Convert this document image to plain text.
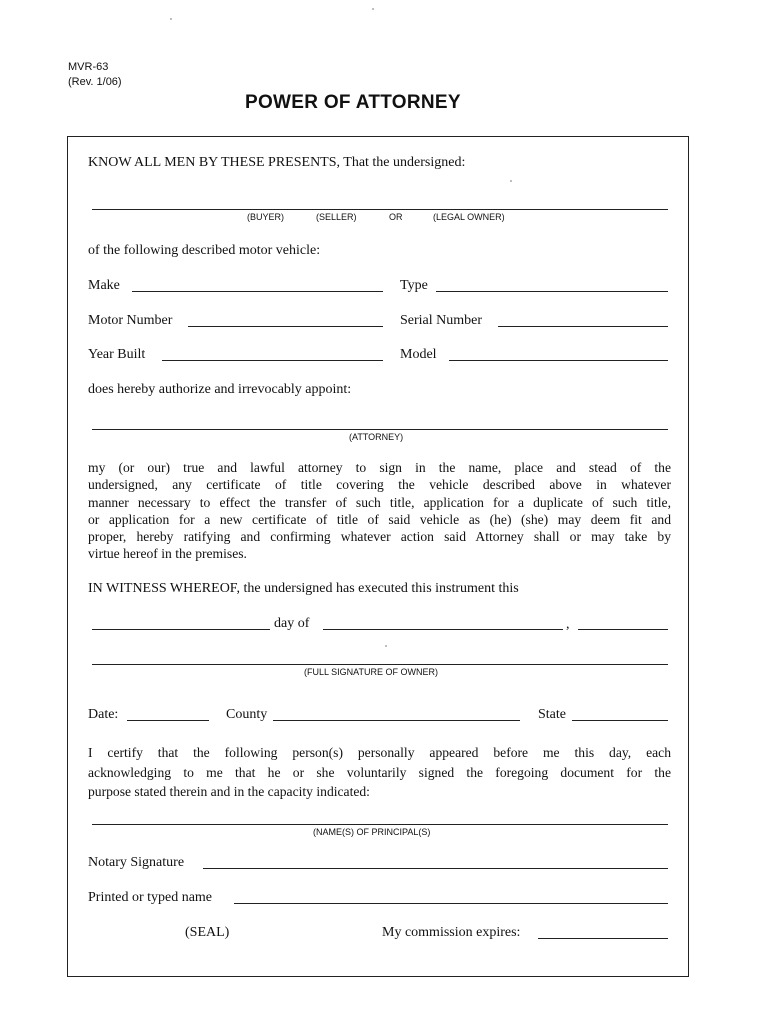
MVR-63
(Rev. 1/06)
POWER OF ATTORNEY
KNOW ALL MEN BY THESE PRESENTS, That the undersigned:
(BUYER)	(SELLER)	OR	(LEGAL OWNER)
of the following described motor vehicle:
Make	Type
Motor Number	Serial Number
Year Built	Model
does hereby authorize and irrevocably appoint:
(ATTORNEY)
my (or our) true and lawful attorney to sign in the name, place and stead of the
undersigned, any certificate of title covering the vehicle described above in whatever
manner necessary to effect the transfer of such title, application for a duplicate of such title,
or application for a new certificate of title of said vehicle as (he) (she) may deem fit and
proper, hereby ratifying and confirming whatever action said Attorney shall or may take by
virtue hereof in the premises.
IN WITNESS WHEREOF, the undersigned has executed this instrument this
day of	,
(FULL SIGNATURE OF OWNER)
Date:	County	State
I certify that the following person(s) personally appeared before me this day, each
acknowledging to me that he or she voluntarily signed the foregoing document for the
purpose stated therein and in the capacity indicated:
(NAME(S) OF PRINCIPAL(S)
Notary Signature
Printed or typed name
(SEAL)	My commission expires:
